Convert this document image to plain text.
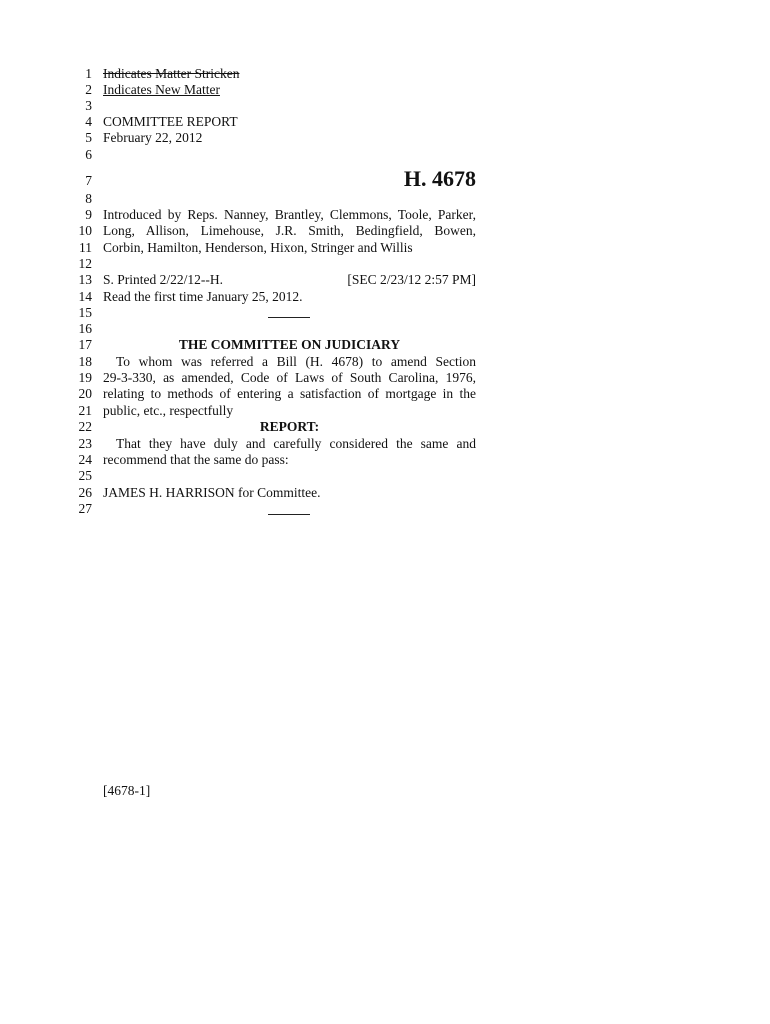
1
2
3
4
5
6
7
8
9
10
11
12
13
14
15
16
17
18
19
20
21
22
23
24
25
26
27
Indicates Matter Stricken
Indicates New Matter
COMMITTEE REPORT
February 22, 2012
H. 4678
Introduced by Reps. Nanney, Brantley, Clemmons, Toole, Parker,
Long, Allison, Limehouse, J.R. Smith, Bedingfield, Bowen,
Corbin, Hamilton, Henderson, Hixon, Stringer and Willis
S. Printed 2/22/12--H.	[SEC 2/23/12 2:57 PM]
Read the first time January 25, 2012.
THE COMMITTEE ON JUDICIARY
To whom was referred a Bill (H. 4678) to amend Section
29-3-330, as amended, Code of Laws of South Carolina, 1976,
relating to methods of entering a satisfaction of mortgage in the
public, etc., respectfully
REPORT:
That they have duly and carefully considered the same and
recommend that the same do pass:
JAMES H. HARRISON for Committee.
[4678-1]
